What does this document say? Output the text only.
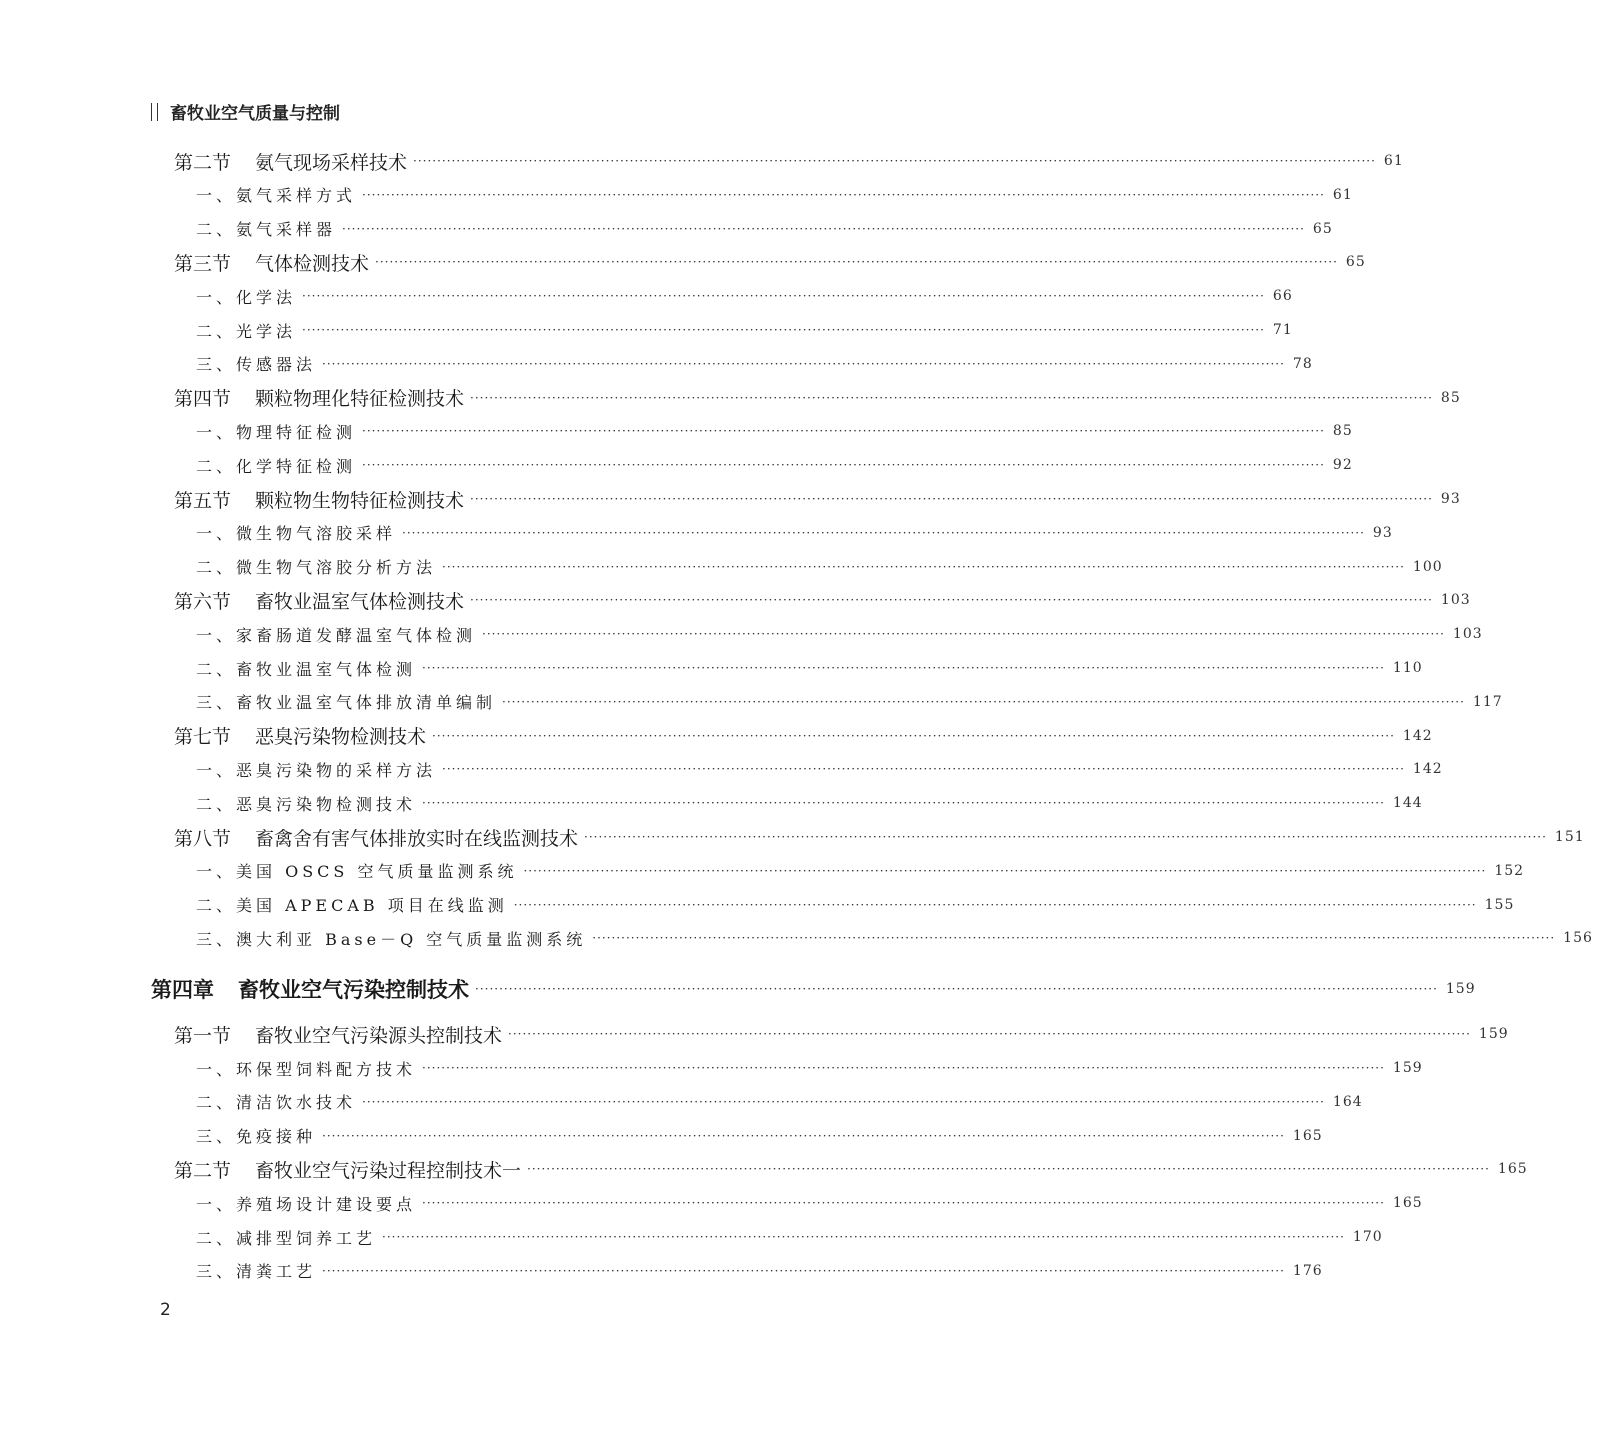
畜牧业空气质量与控制
第二节 氨气现场采样技术 ········································································································································································································ 61
一、氨气采样方式 ········································································································································································································ 61
二、氨气采样器 ········································································································································································································ 65
第三节 气体检测技术 ········································································································································································································ 65
一、化学法 ········································································································································································································ 66
二、光学法 ········································································································································································································ 71
三、传感器法 ········································································································································································································ 78
第四节 颗粒物理化特征检测技术 ········································································································································································································ 85
一、物理特征检测 ········································································································································································································ 85
二、化学特征检测 ········································································································································································································ 92
第五节 颗粒物生物特征检测技术 ········································································································································································································ 93
一、微生物气溶胶采样 ········································································································································································································ 93
二、微生物气溶胶分析方法 ········································································································································································································ 100
第六节 畜牧业温室气体检测技术 ········································································································································································································ 103
一、家畜肠道发酵温室气体检测 ········································································································································································································ 103
二、畜牧业温室气体检测 ········································································································································································································ 110
三、畜牧业温室气体排放清单编制 ········································································································································································································ 117
第七节 恶臭污染物检测技术 ········································································································································································································ 142
一、恶臭污染物的采样方法 ········································································································································································································ 142
二、恶臭污染物检测技术 ········································································································································································································ 144
第八节 畜禽舍有害气体排放实时在线监测技术 ········································································································································································································ 151
一、美国 OSCS 空气质量监测系统 ········································································································································································································ 152
二、美国 APECAB 项目在线监测 ········································································································································································································ 155
三、澳大利亚 Base－Q 空气质量监测系统 ········································································································································································································ 156
第四章 畜牧业空气污染控制技术 ········································································································································································································ 159
第一节 畜牧业空气污染源头控制技术 ········································································································································································································ 159
一、环保型饲料配方技术 ········································································································································································································ 159
二、清洁饮水技术 ········································································································································································································ 164
三、免疫接种 ········································································································································································································ 165
第二节 畜牧业空气污染过程控制技术一 ········································································································································································································ 165
一、养殖场设计建设要点 ········································································································································································································ 165
二、减排型饲养工艺 ········································································································································································································ 170
三、清粪工艺 ········································································································································································································ 176
2
